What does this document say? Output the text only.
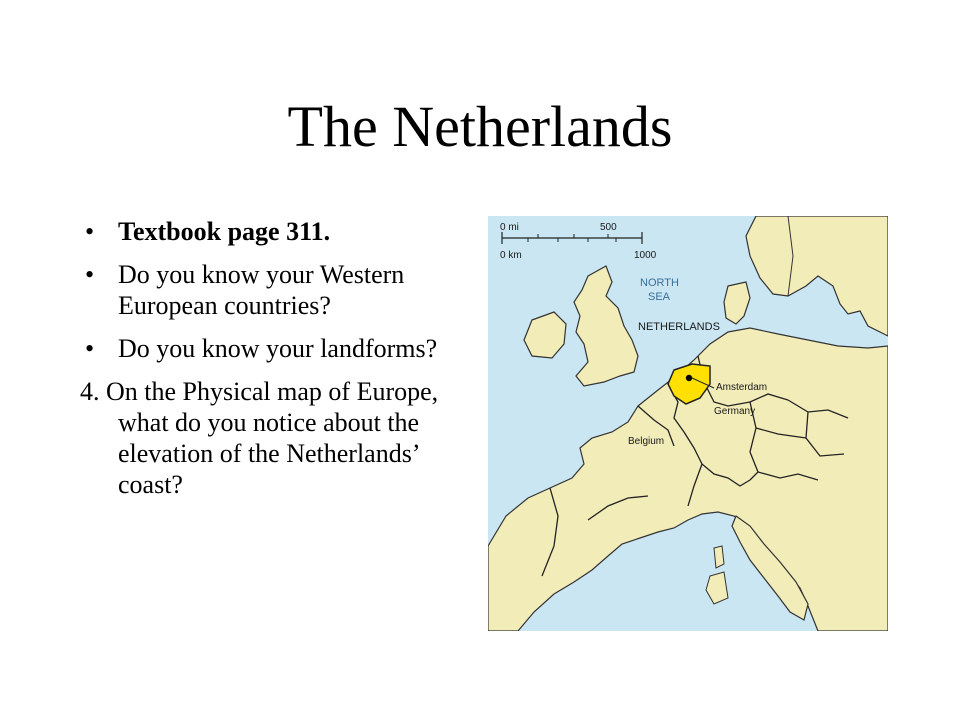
The Netherlands
• Textbook page 311.
• Do you know your Western European countries?
• Do you know your landforms?
4. On the Physical map of Europe, what do you notice about the elevation of the Netherlands’ coast?
0 mi	500
0 km	1000
NORTH
SEA
NETHERLANDS
Amsterdam
Germany
Belgium
